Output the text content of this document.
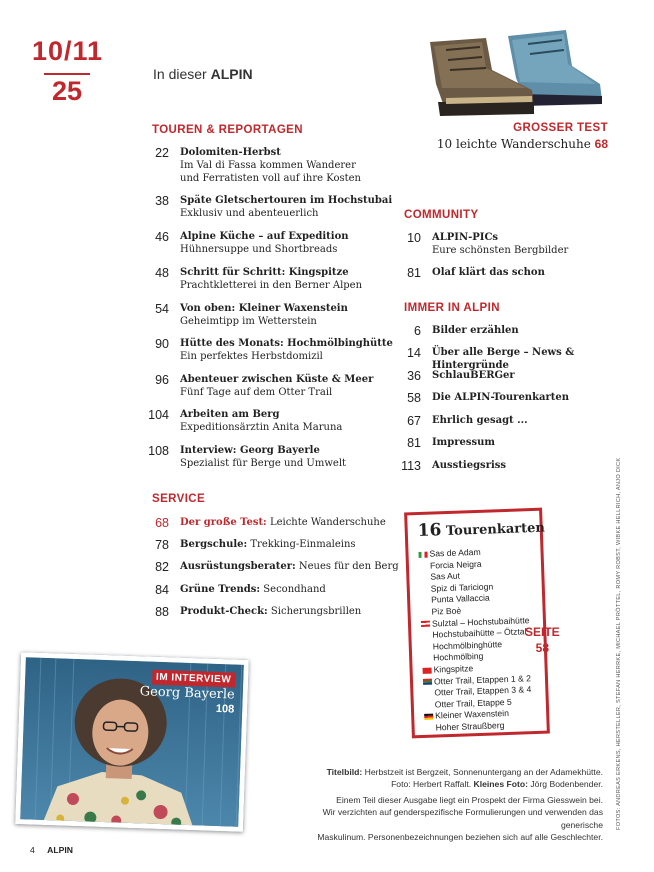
10/11
25
In dieser ALPIN
GROSSER TEST
10 leichte Wanderschuhe 68
TOUREN & REPORTAGEN
22	Dolomiten-Herbst
Im Val di Fassa kommen Wanderer
und Ferratisten voll auf ihre Kosten
38	Späte Gletschertouren im Hochstubai
Exklusiv und abenteuerlich
46	Alpine Küche – auf Expedition
Hühnersuppe und Shortbreads
48	Schritt für Schritt: Kingspitze
Prachtkletterei in den Berner Alpen
54	Von oben: Kleiner Waxenstein
Geheimtipp im Wetterstein
90	Hütte des Monats: Hochmölbinghütte
Ein perfektes Herbstdomizil
96	Abenteuer zwischen Küste & Meer
Fünf Tage auf dem Otter Trail
104	Arbeiten am Berg
Expeditionsärztin Anita Maruna
108	Interview: Georg Bayerle
Spezialist für Berge und Umwelt
SERVICE
68	Der große Test: Leichte Wanderschuhe
78	Bergschule: Trekking-Einmaleins
82	Ausrüstungsberater: Neues für den Berg
84	Grüne Trends: Secondhand
88	Produkt-Check: Sicherungsbrillen
COMMUNITY
10	ALPIN-PICs
Eure schönsten Bergbilder
81	Olaf klärt das schon
IMMER IN ALPIN
6	Bilder erzählen
14	Über alle Berge – News & Hintergründe
36	SchlauBERGer
58	Die ALPIN-Tourenkarten
67	Ehrlich gesagt ...
81	Impressum
113	Ausstiegsriss
16 Tourenkarten
Sas de Adam
Forcia Neigra
Sas Aut
Spiz di Tariciogn
Punta Vallaccia
Piz Boè
Sulztal – Hochstubaihütte
Hochstubaihütte – Ötztal
Hochmölbinghütte
Hochmölbing
Kingspitze
Otter Trail, Etappen 1 & 2
Otter Trail, Etappen 3 & 4
Otter Trail, Etappe 5
Kleiner Waxenstein
Hoher Straußberg
SEITE
58
IM INTERVIEW
Georg Bayerle
108
Titelbild: Herbstzeit ist Bergzeit, Sonnenuntergang an der Adamekhütte.
Foto: Herbert Raffalt. Kleines Foto: Jörg Bodenbender.
Einem Teil dieser Ausgabe liegt ein Prospekt der Firma Giesswein bei.
Wir verzichten auf genderspezifische Formulierungen und verwenden das generische
Maskulinum. Personenbezeichnungen beziehen sich auf alle Geschlechter.
FOTOS: ANDREAS ERKENS, HERSTELLER, STEFAN HERRKE, MICHAEL PRÖTTEL, ROMY ROBST, WIBKE HELLRICH, ANJO DICK
4 ALPIN
